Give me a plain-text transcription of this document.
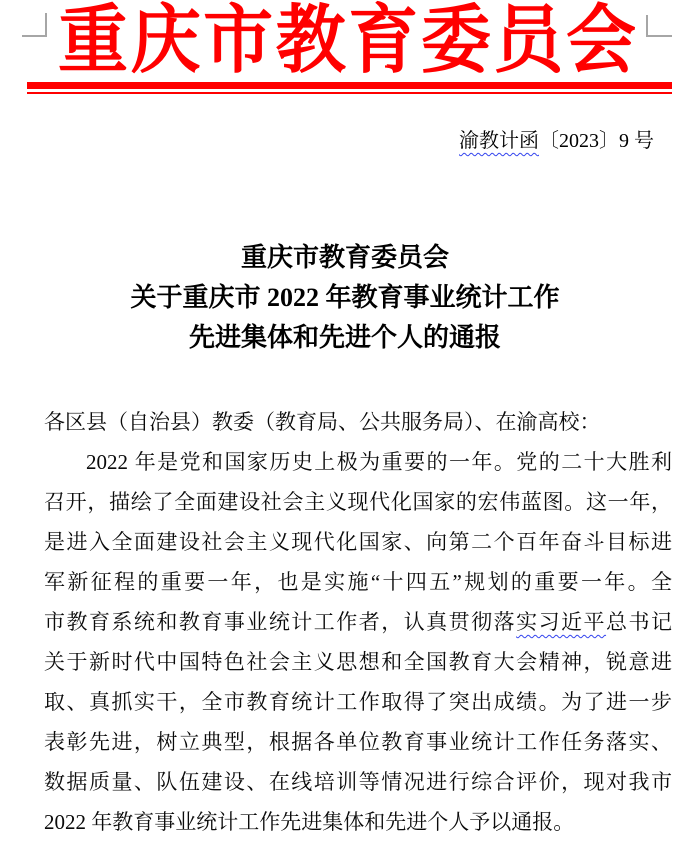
重 庆 市 教 育 委 员 会
渝教计函〔2023〕9 号
重庆市教育委员会
关于重庆市 2022 年教育事业统计工作
先进集体和先进个人的通报
各区县（自治县）教委（教育局、公共服务局）、在渝高校：
2022 年是党和国家历史上极为重要的一年。党的二十大胜利
召开，描绘了全面建设社会主义现代化国家的宏伟蓝图。这一年，
是进入全面建设社会主义现代化国家、向第二个百年奋斗目标进
军新征程的重要一年，也是实施“十四五”规划的重要一年。全
市教育系统和教育事业统计工作者，认真贯彻落实习近平总书记
关于新时代中国特色社会主义思想和全国教育大会精神，锐意进
取、真抓实干，全市教育统计工作取得了突出成绩。为了进一步
表彰先进，树立典型，根据各单位教育事业统计工作任务落实、
数据质量、队伍建设、在线培训等情况进行综合评价，现对我市
2022 年教育事业统计工作先进集体和先进个人予以通报。
